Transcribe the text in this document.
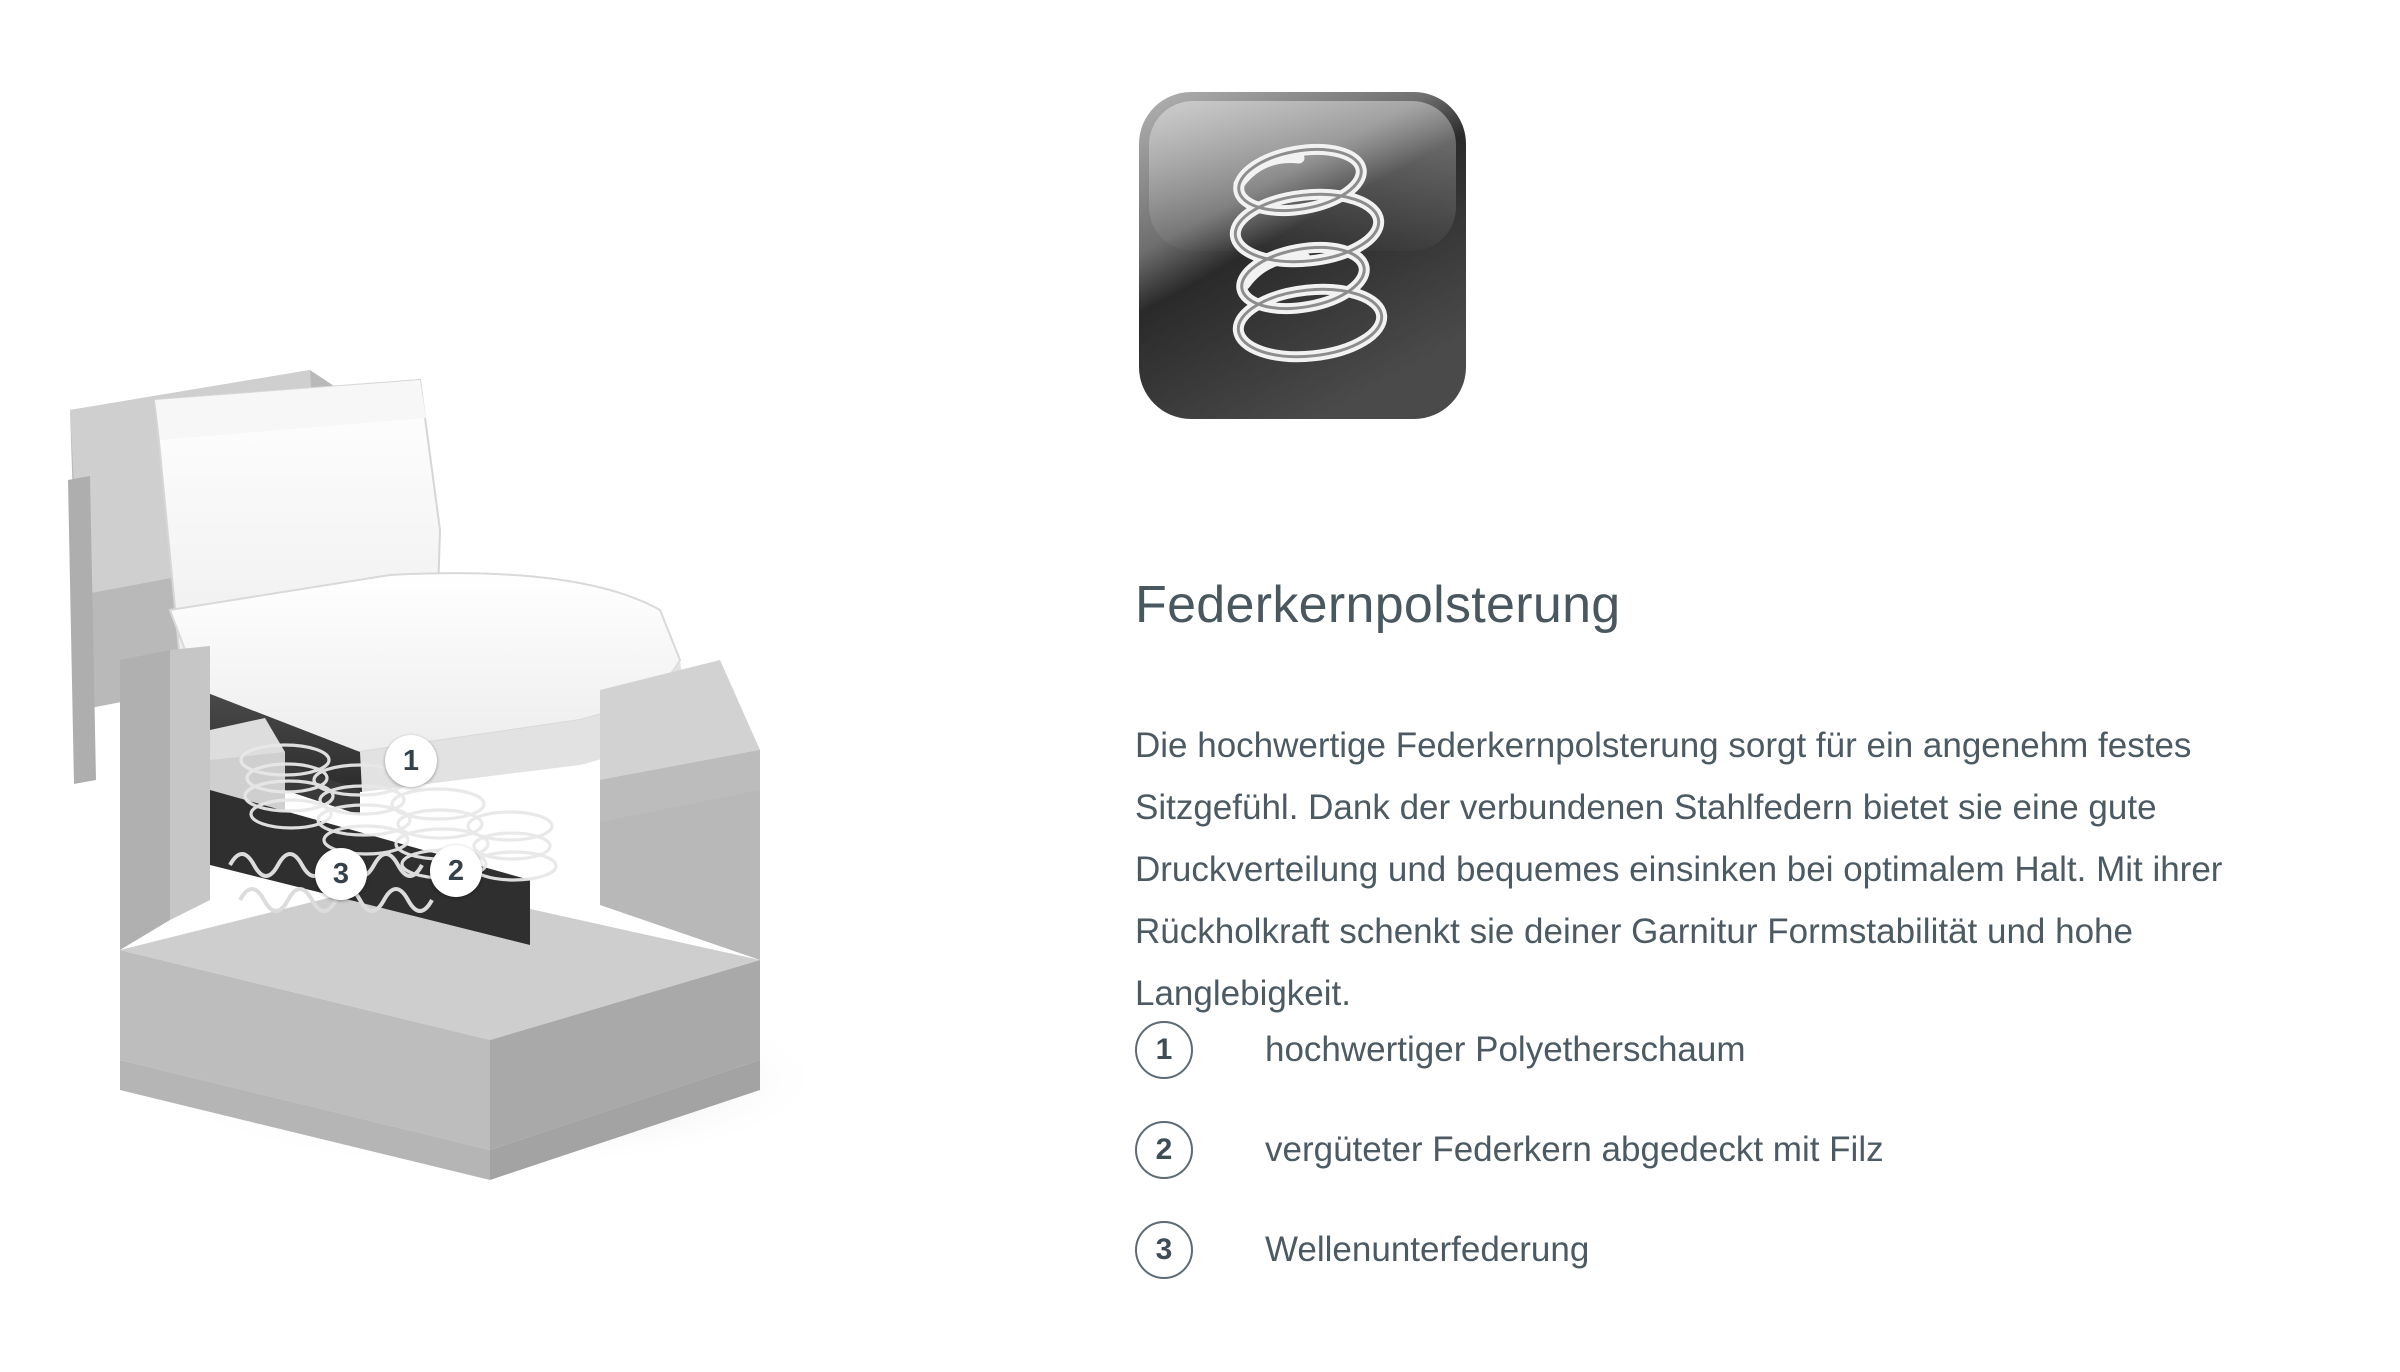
1
2
3
Federkernpolsterung

Die hochwertige Federkernpolsterung sorgt für ein angenehm festes Sitzgefühl. Dank der verbundenen Stahlfedern bietet sie eine gute Druckverteilung und bequemes einsinken bei optimalem Halt. Mit ihrer Rückholkraft schenkt sie deiner Garnitur Formstabilität und hohe Langlebigkeit.

1	hochwertiger Polyetherschaum
2	vergüteter Federkern abgedeckt mit Filz
3	Wellenunterfederung
